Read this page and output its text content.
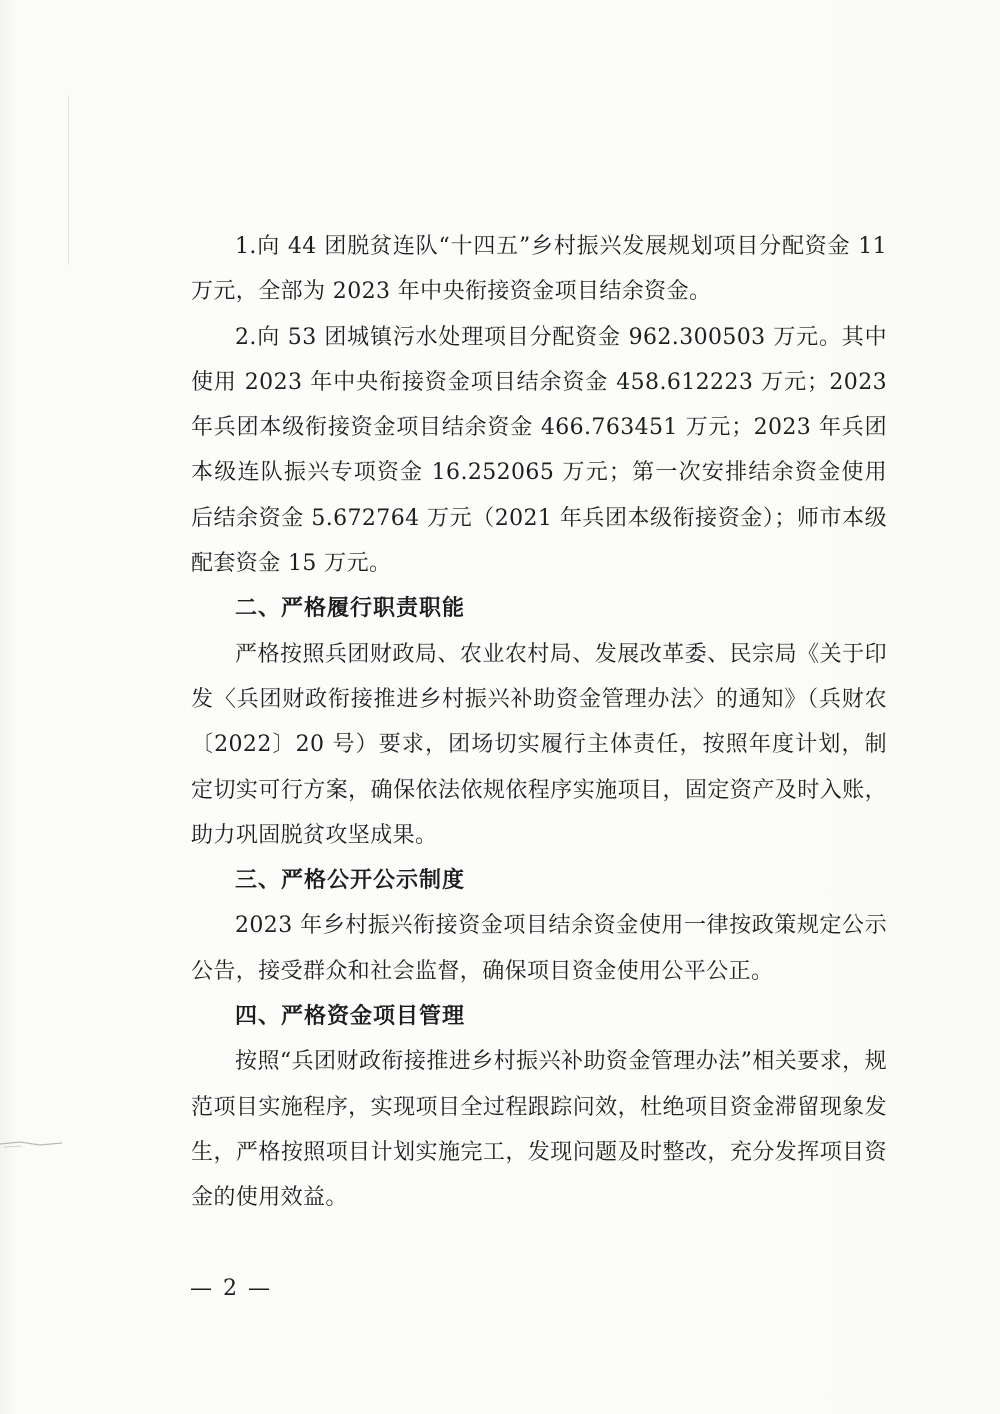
1.向 44 团脱贫连队“十四五”乡村振兴发展规划项目分配资金 11 万元，全部为 2023 年中央衔接资金项目结余资金。

2.向 53 团城镇污水处理项目分配资金 962.300503 万元。其中使用 2023 年中央衔接资金项目结余资金 458.612223 万元；2023 年兵团本级衔接资金项目结余资金 466.763451 万元；2023 年兵团本级连队振兴专项资金 16.252065 万元；第一次安排结余资金使用后结余资金 5.672764 万元（2021 年兵团本级衔接资金）；师市本级配套资金 15 万元。

二、严格履行职责职能

严格按照兵团财政局、农业农村局、发展改革委、民宗局《关于印发〈兵团财政衔接推进乡村振兴补助资金管理办法〉的通知》（兵财农〔2022〕20 号）要求，团场切实履行主体责任，按照年度计划，制定切实可行方案，确保依法依规依程序实施项目，固定资产及时入账，助力巩固脱贫攻坚成果。

三、严格公开公示制度

2023 年乡村振兴衔接资金项目结余资金使用一律按政策规定公示公告，接受群众和社会监督，确保项目资金使用公平公正。

四、严格资金项目管理

按照“兵团财政衔接推进乡村振兴补助资金管理办法”相关要求，规范项目实施程序，实现项目全过程跟踪问效，杜绝项目资金滞留现象发生，严格按照项目计划实施完工，发现问题及时整改，充分发挥项目资金的使用效益。

— 2 —
